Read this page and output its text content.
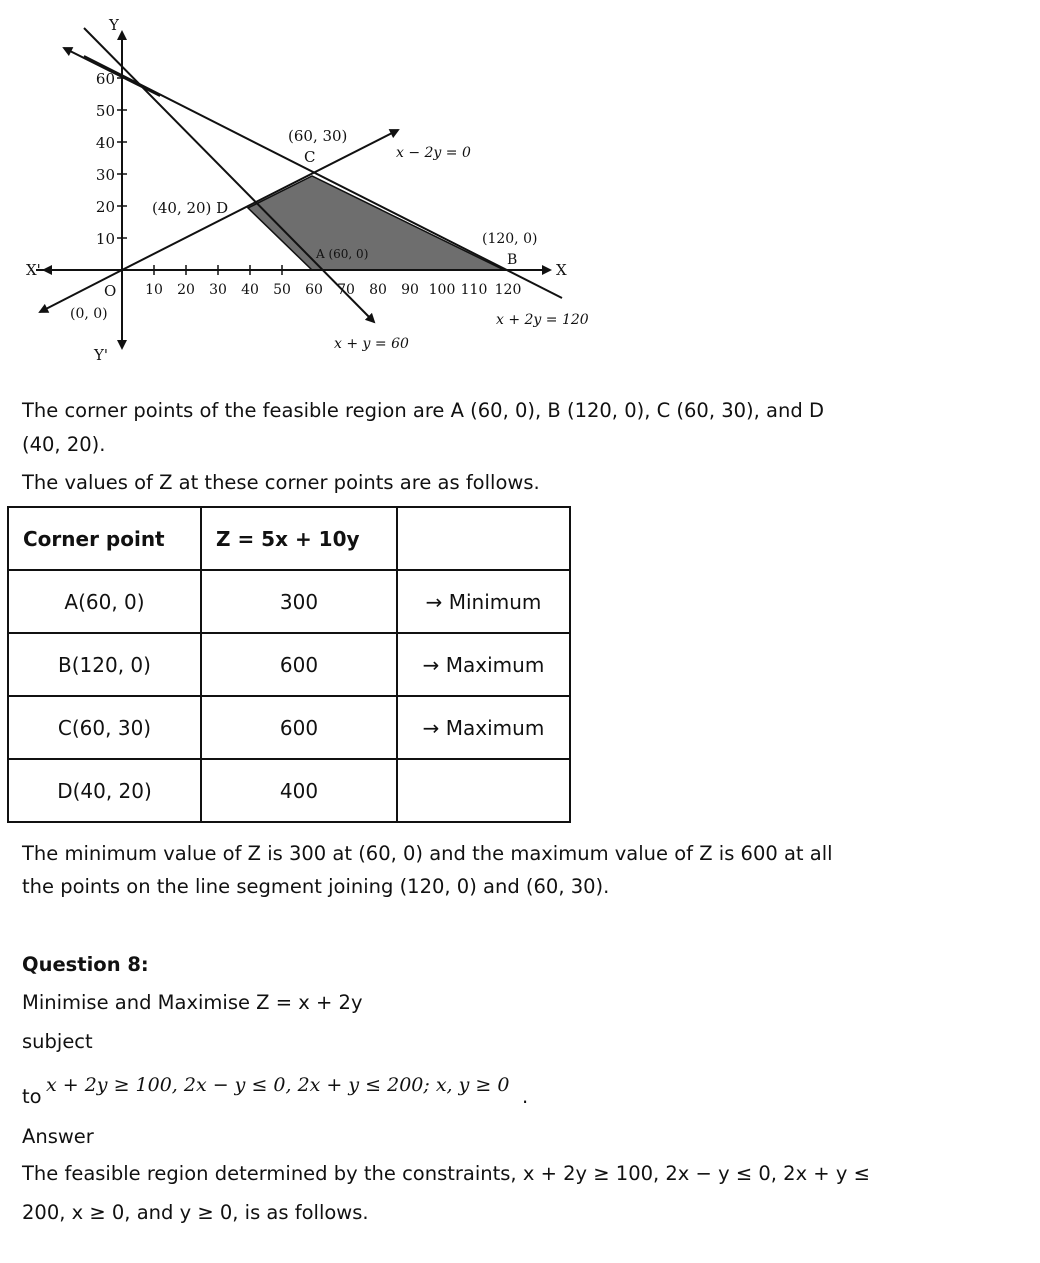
60
50
40
30
20
10
10 20 30 40 50 60 70 80 90 100 110 120
Y
Y'
X
X'
O
(0, 0)
(60, 30)
C
(40, 20) D
A (60, 0)
(120, 0)
B
x − 2y = 0
x + 2y = 120
x + y = 60

The corner points of the feasible region are A (60, 0), B (120, 0), C (60, 30), and D

(40, 20).

The values of Z at these corner points are as follows.

Corner point	Z = 5x + 10y	
A(60, 0)	300	→ Minimum
B(120, 0)	600	→ Maximum
C(60, 30)	600	→ Maximum
D(40, 20)	400	

The minimum value of Z is 300 at (60, 0) and the maximum value of Z is 600 at all

the points on the line segment joining (120, 0) and (60, 30).

Question 8:

Minimise and Maximise Z = x + 2y

subject

to x + 2y ≥ 100, 2x − y ≤ 0, 2x + y ≤ 200; x, y ≥ 0 .

Answer

The feasible region determined by the constraints, x + 2y ≥ 100, 2x − y ≤ 0, 2x + y ≤

200, x ≥ 0, and y ≥ 0, is as follows.
